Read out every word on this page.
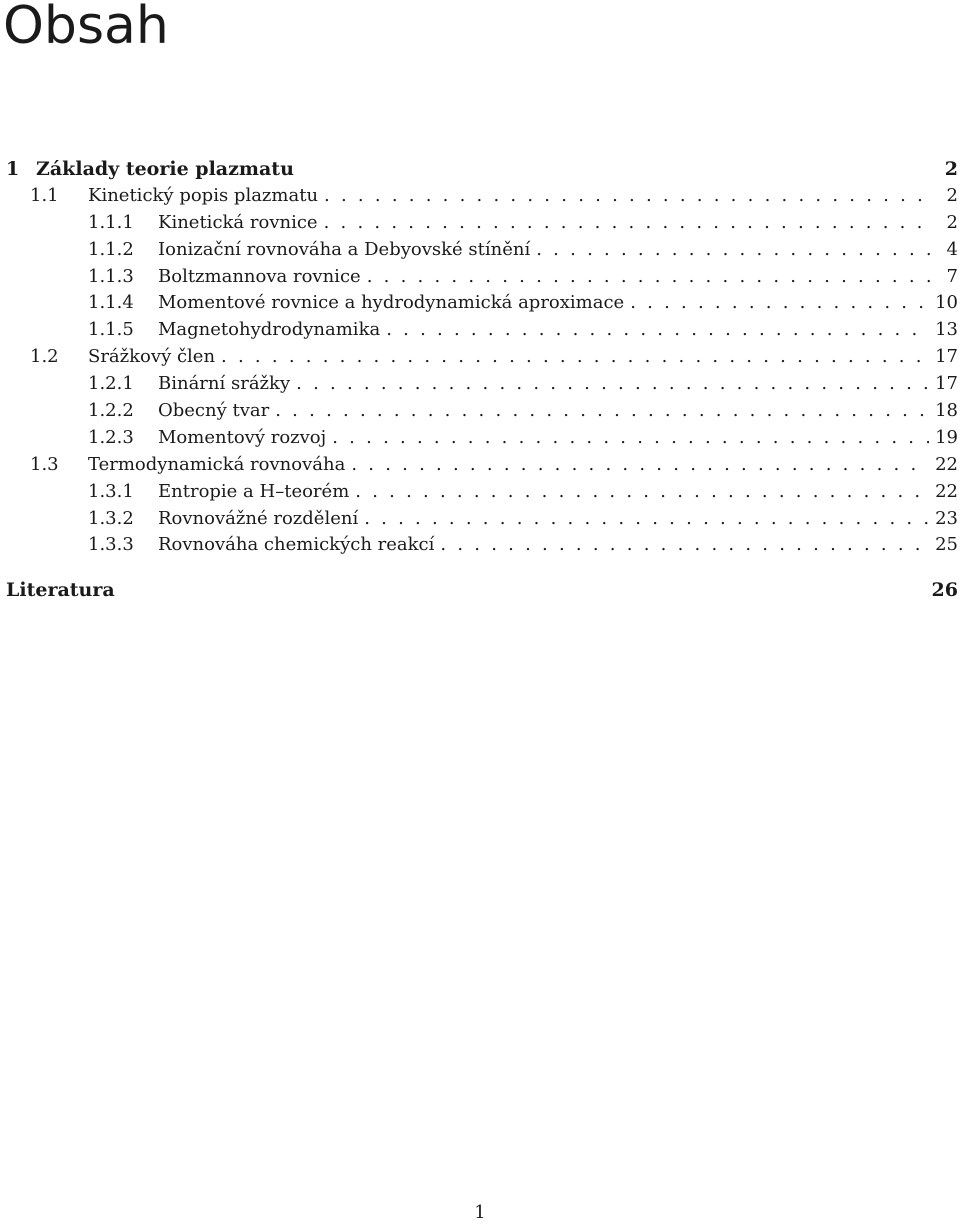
Obsah
1 Základy teorie plazmatu	2
1.1	Kinetický popis plazmatu . . .	2
1.1.1	Kinetická rovnice . . .	2
1.1.2	Ionizační rovnováha a Debyovské stínění . . .	4
1.1.3	Boltzmannova rovnice . . .	7
1.1.4	Momentové rovnice a hydrodynamická aproximace . . .	10
1.1.5	Magnetohydrodynamika . . .	13
1.2	Srážkový člen . . .	17
1.2.1	Binární srážky . . .	17
1.2.2	Obecný tvar . . .	18
1.2.3	Momentový rozvoj . . .	19
1.3	Termodynamická rovnováha . . .	22
1.3.1	Entropie a H–teorém . . .	22
1.3.2	Rovnovážné rozdělení . . .	23
1.3.3	Rovnováha chemických reakcí . . .	25
Literatura	26
1
